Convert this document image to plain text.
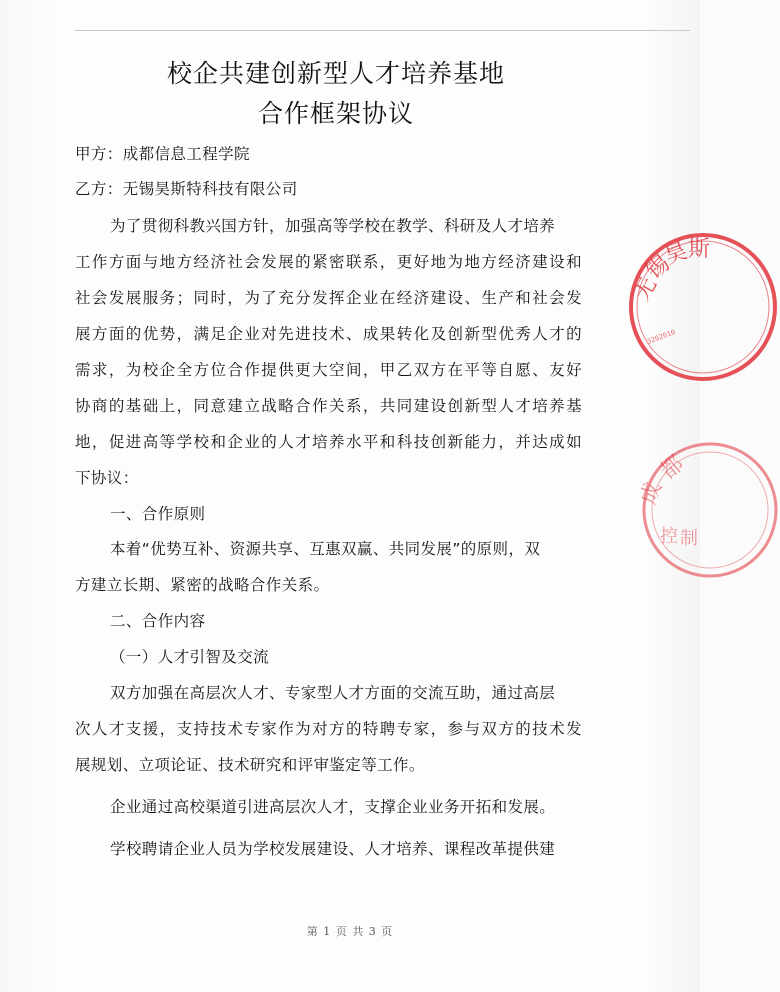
校企共建创新型人才培养基地
合作框架协议
甲方：成都信息工程学院
乙方：无锡昊斯特科技有限公司
为了贯彻科教兴国方针，加强高等学校在教学、科研及人才培养
工作方面与地方经济社会发展的紧密联系，更好地为地方经济建设和
社会发展服务；同时，为了充分发挥企业在经济建设、生产和社会发
展方面的优势，满足企业对先进技术、成果转化及创新型优秀人才的
需求，为校企全方位合作提供更大空间，甲乙双方在平等自愿、友好
协商的基础上，同意建立战略合作关系，共同建设创新型人才培养基
地，促进高等学校和企业的人才培养水平和科技创新能力，并达成如
下协议：
一、合作原则
本着“优势互补、资源共享、互惠双赢、共同发展”的原则，双
方建立长期、紧密的战略合作关系。
二、合作内容
（一）人才引智及交流
双方加强在高层次人才、专家型人才方面的交流互助，通过高层
次人才支援，支持技术专家作为对方的特聘专家，参与双方的技术发
展规划、立项论证、技术研究和评审鉴定等工作。
企业通过高校渠道引进高层次人才，支撑企业业务开拓和发展。
学校聘请企业人员为学校发展建设、人才培养、课程改革提供建
第 1 页 共 3 页
无
锡
昊
斯
3202010
成
都
控 制
